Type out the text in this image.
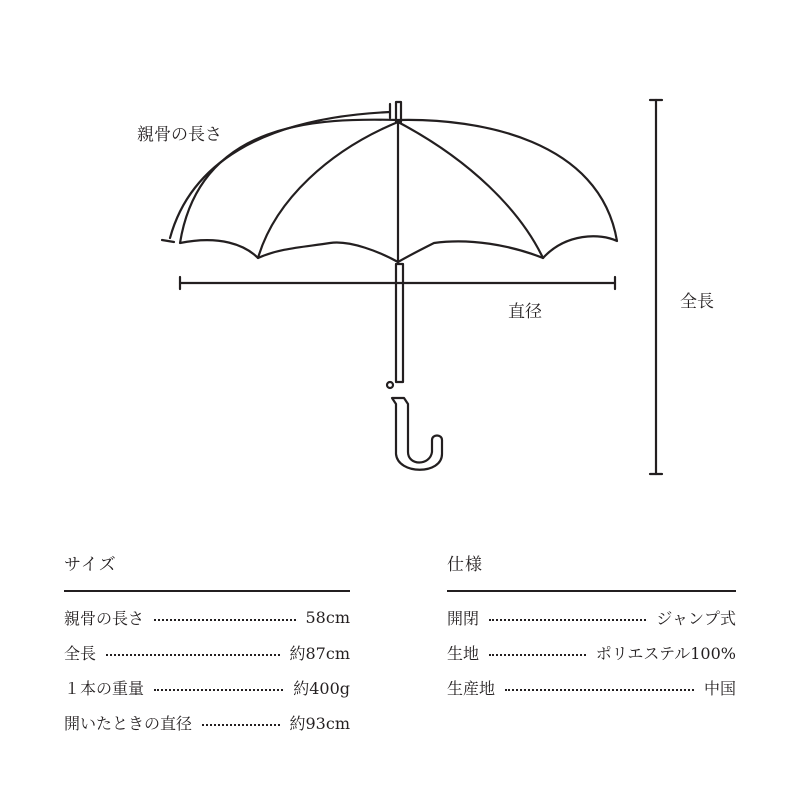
親骨の長さ
直径	全長
サイズ
親骨の長さ	58cm
全長	約87cm
１本の重量	約400g
開いたときの直径	約93cm
仕様
開閉	ジャンプ式
生地	ポリエステル100%
生産地	中国
